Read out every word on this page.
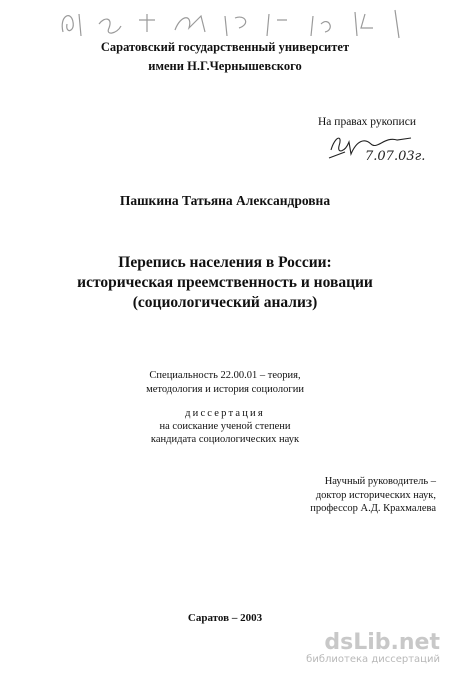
Саратовский государственный университет
имени Н.Г.Чернышевского
На правах рукописи
7.07.03г.
Пашкина Татьяна Александровна
Перепись населения в России:
историческая преемственность и новации
(социологический анализ)
Специальность 22.00.01 – теория,
методология и история социологии
диссертация
на соискание ученой степени
кандидата социологических наук
Научный руководитель –
доктор исторических наук,
профессор А.Д. Крахмалева
Саратов – 2003
dsLib.net
библиотека диссертаций
